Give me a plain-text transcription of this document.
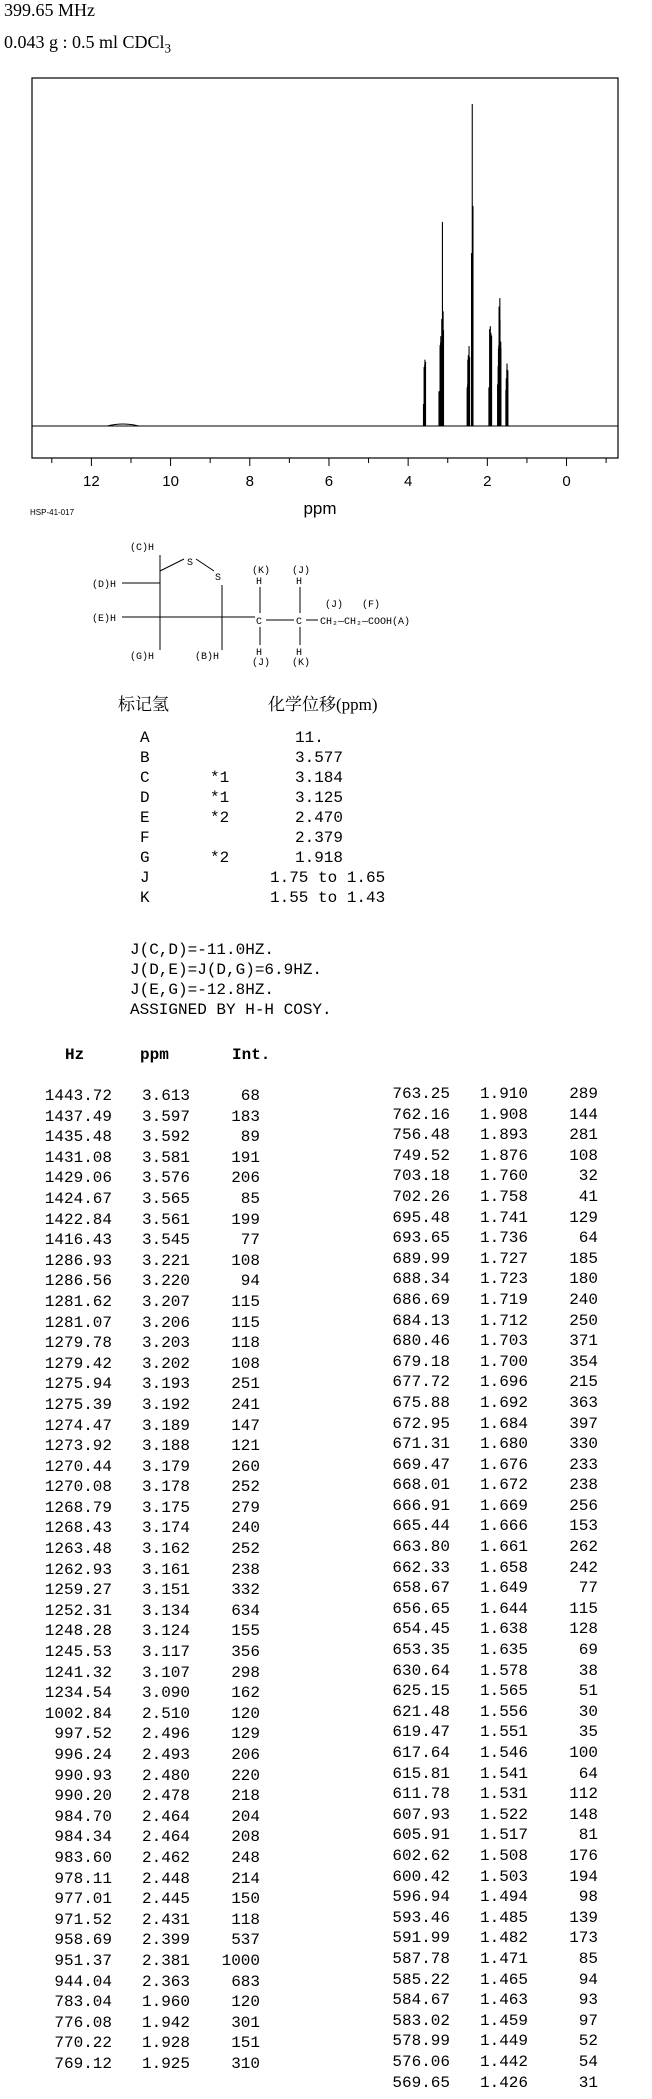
399.65 MHz
0.043 g : 0.5 ml CDCl$_3$
12	10	8	6	4	2	0
ppm
HSP-41-017
(C)H
(D)H
(E)H
(G)H	(B)H
S
S
(K) (J)
H	H
C	C
H	H
(J) (K)
(J) (F)
CH₂—CH₂—COOH(A)
标记氢	化学位移(ppm)
A	11.
B	3.577
C	*1	3.184
D	*1	3.125
E	*2	2.470
F	2.379
G	*2	1.918
J	1.75 to 1.65
K	1.55 to 1.43
J(C,D)=-11.0HZ.
J(D,E)=J(D,G)=6.9HZ.
J(E,G)=-12.8HZ.
ASSIGNED BY H-H COSY.
Hz	ppm	Int.
1443.72 3.613	68
1437.49 3.597	183
1435.48 3.592	89
1431.08 3.581	191
1429.06 3.576	206
1424.67 3.565	85
1422.84 3.561	199
1416.43 3.545	77
1286.93 3.221	108
1286.56 3.220	94
1281.62 3.207	115
1281.07 3.206	115
1279.78 3.203	118
1279.42 3.202	108
1275.94 3.193	251
1275.39 3.192	241
1274.47 3.189	147
1273.92 3.188	121
1270.44 3.179	260
1270.08 3.178	252
1268.79 3.175	279
1268.43 3.174	240
1263.48 3.162	252
1262.93 3.161	238
1259.27 3.151	332
1252.31 3.134	634
1248.28 3.124	155
1245.53 3.117	356
1241.32 3.107	298
1234.54 3.090	162
1002.84 2.510	120
997.52 2.496	129
996.24 2.493	206
990.93 2.480	220
990.20 2.478	218
984.70 2.464	204
984.34 2.464	208
983.60 2.462	248
978.11 2.448	214
977.01 2.445	150
971.52 2.431	118
958.69 2.399	537
951.37 2.381 1000
944.04 2.363	683
783.04 1.960	120
776.08 1.942	301
770.22 1.928	151
769.12 1.925	310
763.25 1.910	289
762.16 1.908	144
756.48 1.893	281
749.52 1.876	108
703.18 1.760	32
702.26 1.758	41
695.48 1.741	129
693.65 1.736	64
689.99 1.727	185
688.34 1.723	180
686.69 1.719	240
684.13 1.712	250
680.46 1.703	371
679.18 1.700	354
677.72 1.696	215
675.88 1.692	363
672.95 1.684	397
671.31 1.680	330
669.47 1.676	233
668.01 1.672	238
666.91 1.669	256
665.44 1.666	153
663.80 1.661	262
662.33 1.658	242
658.67 1.649	77
656.65 1.644	115
654.45 1.638	128
653.35 1.635	69
630.64 1.578	38
625.15 1.565	51
621.48 1.556	30
619.47 1.551	35
617.64 1.546	100
615.81 1.541	64
611.78 1.531	112
607.93 1.522	148
605.91 1.517	81
602.62 1.508	176
600.42 1.503	194
596.94 1.494	98
593.46 1.485	139
591.99 1.482	173
587.78 1.471	85
585.22 1.465	94
584.67 1.463	93
583.02 1.459	97
578.99 1.449	52
576.06 1.442	54
569.65 1.426	31
